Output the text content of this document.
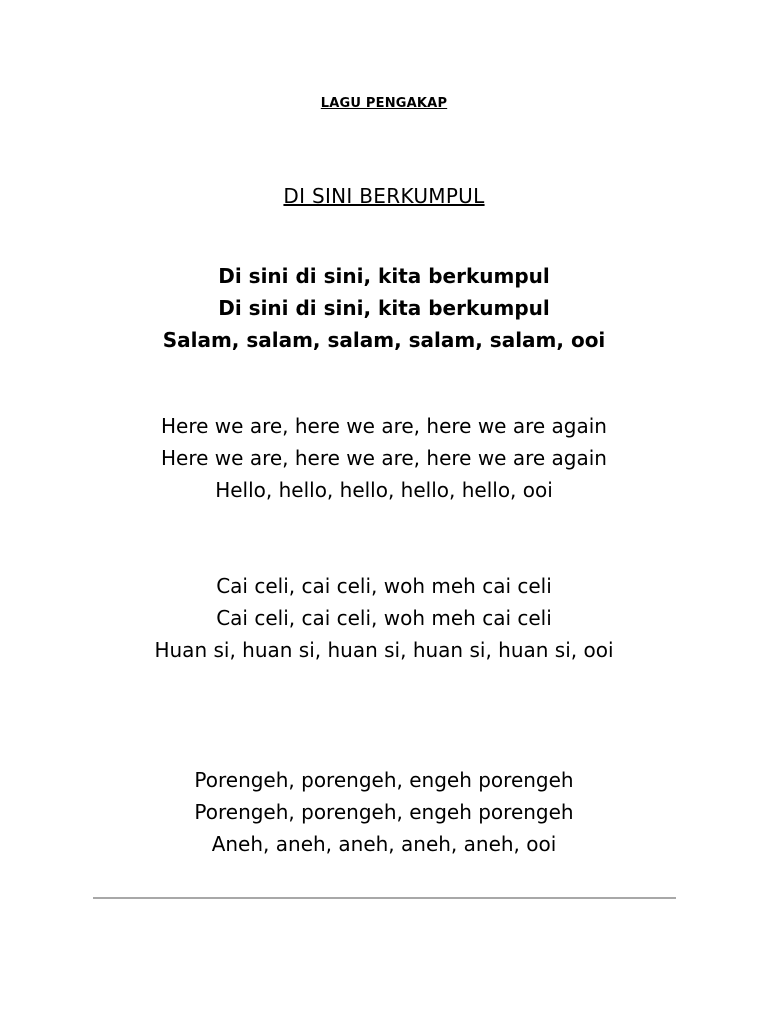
LAGU PENGAKAP
DI SINI BERKUMPUL
Di sini di sini, kita berkumpul
Di sini di sini, kita berkumpul
Salam, salam, salam, salam, salam, ooi
Here we are, here we are, here we are again
Here we are, here we are, here we are again
Hello, hello, hello, hello, hello, ooi
Cai celi, cai celi, woh meh cai celi
Cai celi, cai celi, woh meh cai celi
Huan si, huan si, huan si, huan si, huan si, ooi
Porengeh, porengeh, engeh porengeh
Porengeh, porengeh, engeh porengeh
Aneh, aneh, aneh, aneh, aneh, ooi
